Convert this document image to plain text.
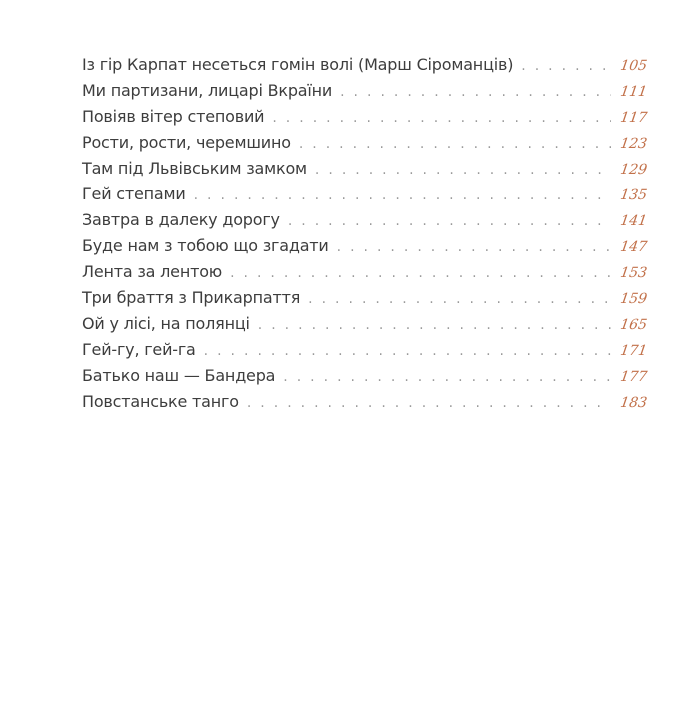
Із гір Карпат несеться гомін волі (Марш Сіроманців) .....	105
Ми партизани, лицарі Вкраїни .....	111
Повіяв вітер степовий .....	117
Рости, рости, черемшино .....	123
Там під Львівським замком .....	129
Гей степами .....	135
Завтра в далеку дорогу .....	141
Буде нам з тобою що згадати .....	147
Лента за лентою .....	153
Три браття з Прикарпаття .....	159
Ой у лісі, на полянці .....	165
Гей-гу, гей-га .....	171
Батько наш — Бандера .....	177
Повстанське танго .....	183
